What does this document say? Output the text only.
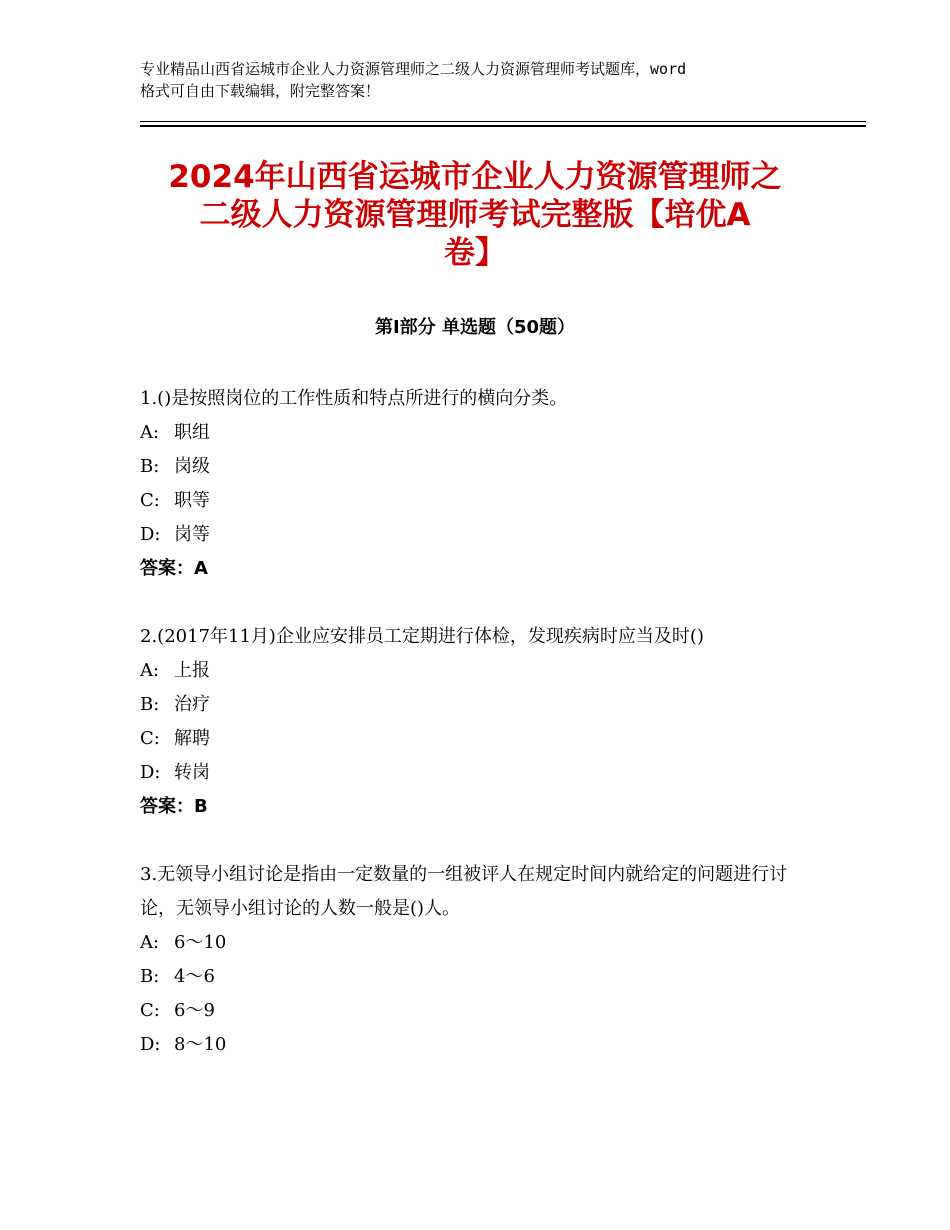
专业精品山西省运城市企业人力资源管理师之二级人力资源管理师考试题库，word
格式可自由下载编辑，附完整答案！
2024年山西省运城市企业人力资源管理师之
二级人力资源管理师考试完整版【培优A
卷】
第Ⅰ部分 单选题（50题）
1.()是按照岗位的工作性质和特点所进行的横向分类。
A: 职组
B: 岗级
C: 职等
D: 岗等
答案：A
2.(2017年11月)企业应安排员工定期进行体检，发现疾病时应当及时()
A: 上报
B: 治疗
C: 解聘
D: 转岗
答案：B
3.无领导小组讨论是指由一定数量的一组被评人在规定时间内就给定的问题进行讨论，无领导小组讨论的人数一般是()人。
A: 6～10
B: 4～6
C: 6～9
D: 8～10
